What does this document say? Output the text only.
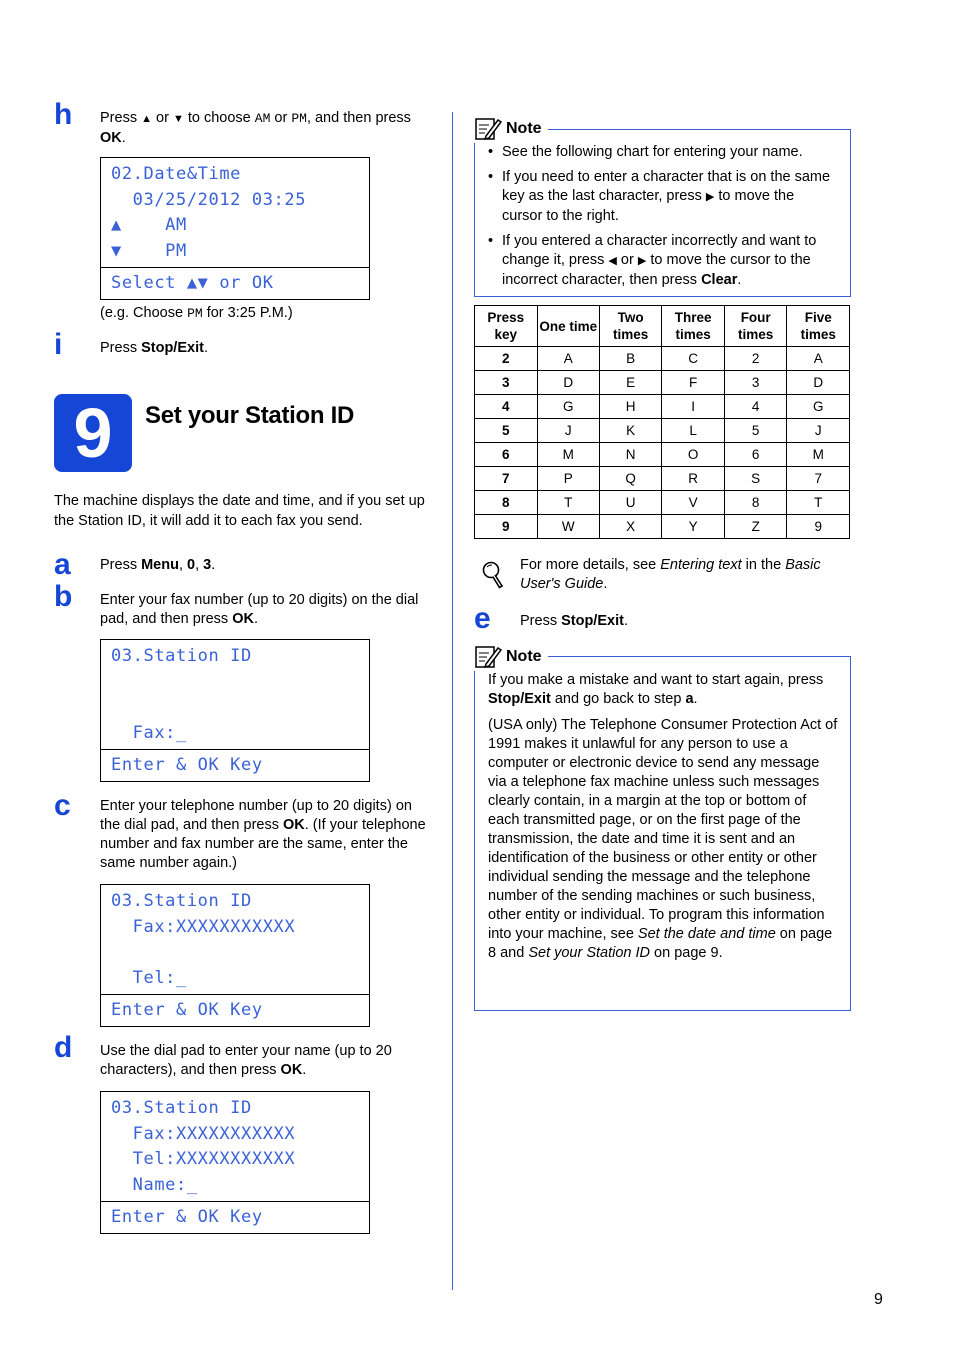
h Press ▲ or ▼ to choose AM or PM, and then press
OK.
02.Date&Time
03/25/2012 03:25
▲    AM
▼    PM
Select ▲▼ or OK
(e.g. Choose PM for 3:25 P.M.)
i	Press Stop/Exit.
9	Set your Station ID
The machine displays the date and time, and if you set up the Station ID, it will add it to each fax you send.
a Press Menu, 0, 3.
b Enter your fax number (up to 20 digits) on the dial pad, and then press OK.
03.Station ID
Fax:_
Enter & OK Key
c Enter your telephone number (up to 20 digits) on the dial pad, and then press OK. (If your telephone number and fax number are the same, enter the same number again.)
03.Station ID
Fax:XXXXXXXXXXX
Tel:_
Enter & OK Key
d Use the dial pad to enter your name (up to 20 characters), and then press OK.
03.Station ID
Fax:XXXXXXXXXXX
Tel:XXXXXXXXXXX
Name:_
Enter & OK Key
Note
• See the following chart for entering your name.
• If you need to enter a character that is on the same key as the last character, press ▶ to move the cursor to the right.
• If you entered a character incorrectly and want to change it, press ◀ or ▶ to move the cursor to the incorrect character, then press Clear.
Press key	One time	Two times	Three times	Four times	Five times
2	A	B	C	2	A
3	D	E	F	3	D
4	G	H	I	4	G
5	J	K	L	5	J
6	M	N	O	6	M
7	P	Q	R	S	7
8	T	U	V	8	T
9	W	X	Y	Z	9
For more details, see Entering text in the Basic User's Guide.
e Press Stop/Exit.
Note
If you make a mistake and want to start again, press Stop/Exit and go back to step a.
(USA only) The Telephone Consumer Protection Act of 1991 makes it unlawful for any person to use a computer or electronic device to send any message via a telephone fax machine unless such messages clearly contain, in a margin at the top or bottom of each transmitted page, or on the first page of the transmission, the date and time it is sent and an identification of the business or other entity or other individual sending the message and the telephone number of the sending machines or such business, other entity or individual. To program this information into your machine, see Set the date and time on page 8 and Set your Station ID on page 9.
9
